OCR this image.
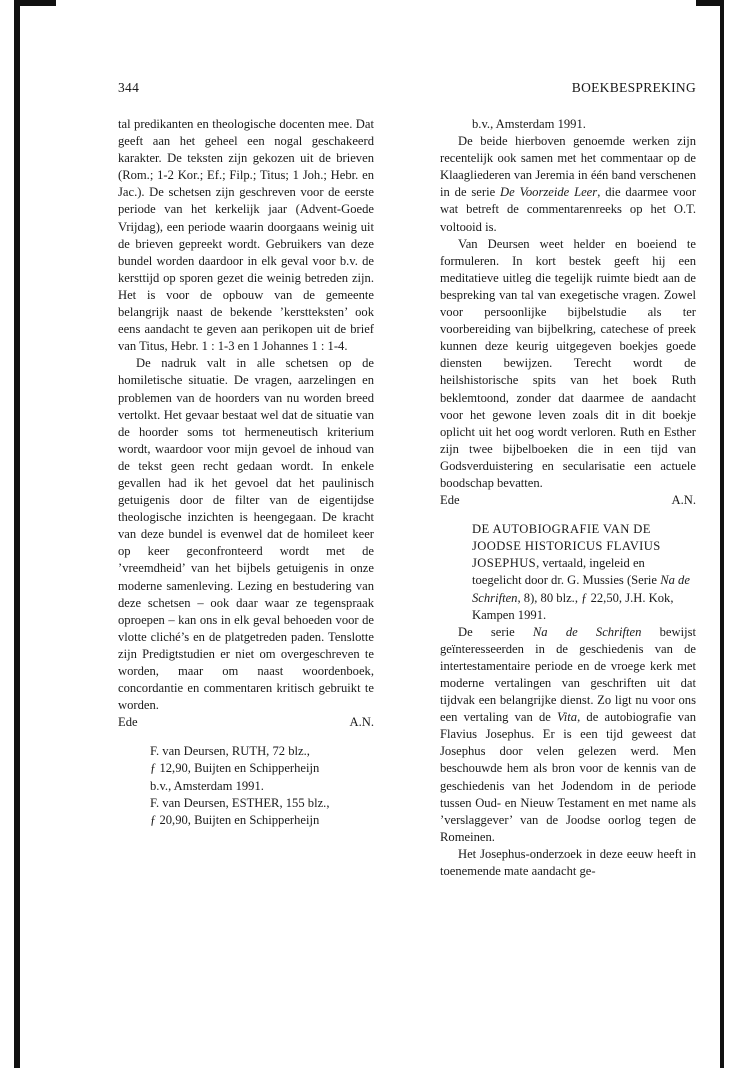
344	BOEKBESPREKING

tal predikanten en theologische docenten mee. Dat geeft aan het geheel een nogal geschakeerd karakter. De teksten zijn gekozen uit de brieven (Rom.; 1-2 Kor.; Ef.; Filp.; Titus; 1 Joh.; Hebr. en Jac.). De schetsen zijn geschreven voor de eerste periode van het kerkelijk jaar (Advent-Goede Vrijdag), een periode waarin doorgaans weinig uit de brieven gepreekt wordt. Gebruikers van deze bundel worden daardoor in elk geval voor b.v. de kersttijd op sporen gezet die weinig betreden zijn. Het is voor de opbouw van de gemeente belangrijk naast de bekende ’kerstteksten’ ook eens aandacht te geven aan perikopen uit de brief van Titus, Hebr. 1 : 1-3 en 1 Johannes 1 : 1-4.

De nadruk valt in alle schetsen op de homiletische situatie. De vragen, aarzelingen en problemen van de hoorders van nu worden breed vertolkt. Het gevaar bestaat wel dat de situatie van de hoorder soms tot hermeneutisch kriterium wordt, waardoor voor mijn gevoel de inhoud van de tekst geen recht gedaan wordt. In enkele gevallen had ik het gevoel dat het paulinisch getuigenis door de filter van de eigentijdse theologische inzichten is heengegaan. De kracht van deze bundel is evenwel dat de homileet keer op keer geconfronteerd wordt met de ’vreemdheid’ van het bijbels getuigenis in onze moderne samenleving. Lezing en bestudering van deze schetsen – ook daar waar ze tegenspraak oproepen – kan ons in elk geval behoeden voor de vlotte cliché’s en de platgetreden paden. Tenslotte zijn Predigtstudien er niet om overgeschreven te worden, maar om naast woordenboek, concordantie en commentaren kritisch gebruikt te worden.

Ede	A.N.

F. van Deursen, RUTH, 72 blz.,

ƒ 12,90, Buijten en Schipperheijn

b.v., Amsterdam 1991.

F. van Deursen, ESTHER, 155 blz.,

ƒ 20,90, Buijten en Schipperheijn

b.v., Amsterdam 1991.

De beide hierboven genoemde werken zijn recentelijk ook samen met het commentaar op de Klaagliederen van Jeremia in één band verschenen in de serie De Voorzeide Leer, die daarmee voor wat betreft de commentarenreeks op het O.T. voltooid is.

Van Deursen weet helder en boeiend te formuleren. In kort bestek geeft hij een meditatieve uitleg die tegelijk ruimte biedt aan de bespreking van tal van exegetische vragen. Zowel voor persoonlijke bijbelstudie als ter voorbereiding van bijbelkring, catechese of preek kunnen deze keurig uitgegeven boekjes goede diensten bewijzen. Terecht wordt de heilshistorische spits van het boek Ruth beklemtoond, zonder dat daarmee de aandacht voor het gewone leven zoals dit in dit boekje oplicht uit het oog wordt verloren. Ruth en Esther zijn twee bijbelboeken die in een tijd van Godsverduistering en secularisatie een actuele boodschap bevatten.

Ede	A.N.

DE AUTOBIOGRAFIE VAN DE JOODSE HISTORICUS FLAVIUS JOSEPHUS, vertaald, ingeleid en toegelicht door dr. G. Mussies (Serie Na de Schriften, 8), 80 blz., ƒ 22,50, J.H. Kok, Kampen 1991.

De serie Na de Schriften bewijst geïnteresseerden in de geschiedenis van de intertestamentaire periode en de vroege kerk met moderne vertalingen van geschriften uit dat tijdvak een belangrijke dienst. Zo ligt nu voor ons een vertaling van de Vita, de autobiografie van Flavius Josephus. Er is een tijd geweest dat Josephus door velen gelezen werd. Men beschouwde hem als bron voor de kennis van de geschiedenis van het Jodendom in de periode tussen Oud- en Nieuw Testament en met name als ’verslaggever’ van de Joodse oorlog tegen de Romeinen.

Het Josephus-onderzoek in deze eeuw heeft in toenemende mate aandacht ge-
